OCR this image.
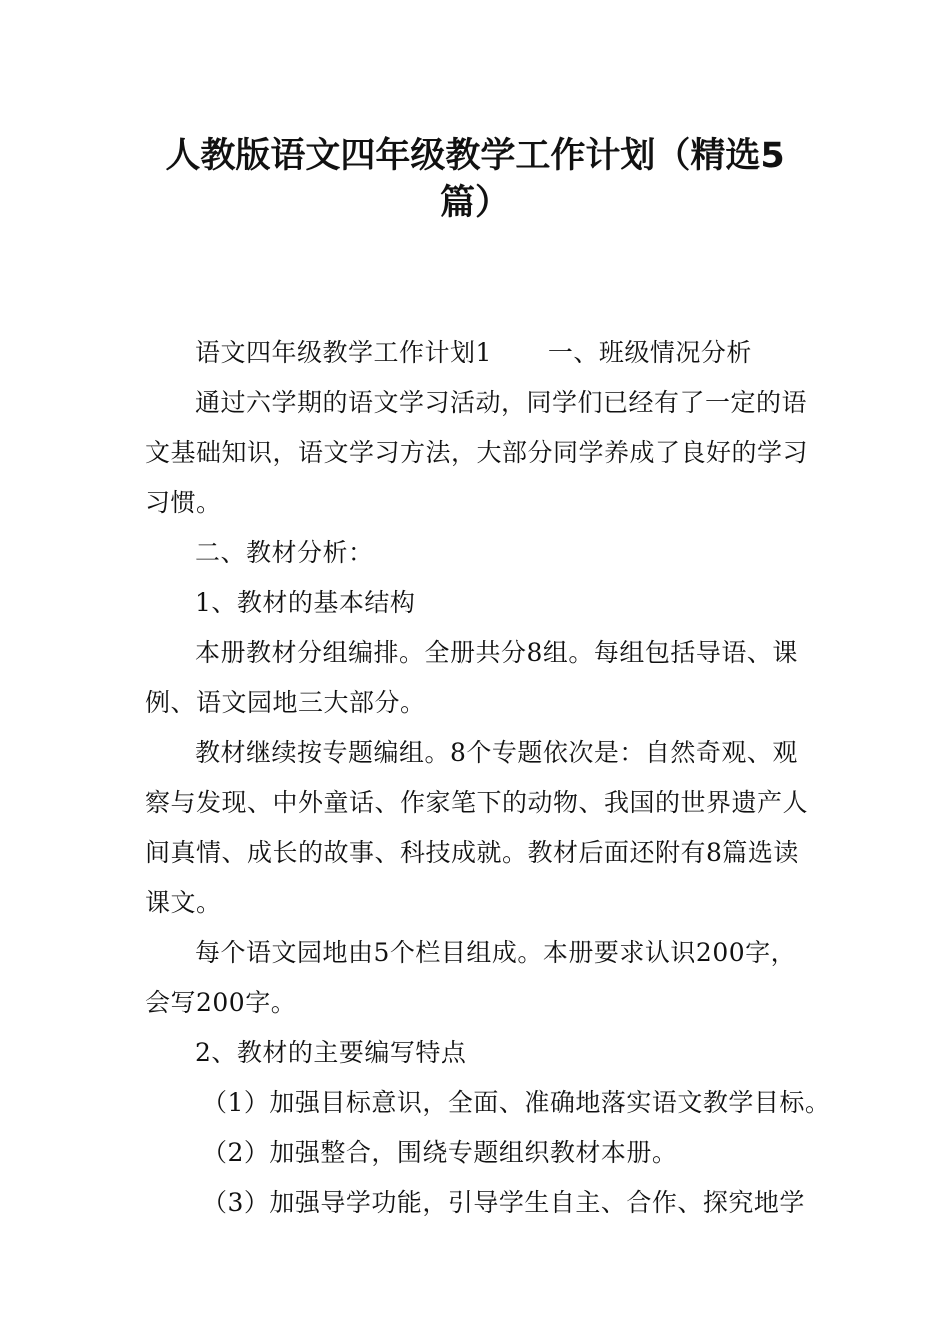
人教版语文四年级教学工作计划（精选5
篇）

语文四年级教学工作计划1 一、班级情况分析

通过六学期的语文学习活动，同学们已经有了一定的语文基础知识，语文学习方法，大部分同学养成了良好的学习习惯。

二、教材分析：

1、教材的基本结构

本册教材分组编排。全册共分8组。每组包括导语、课例、语文园地三大部分。

教材继续按专题编组。8个专题依次是：自然奇观、观察与发现、中外童话、作家笔下的动物、我国的世界遗产人间真情、成长的故事、科技成就。教材后面还附有8篇选读课文。

每个语文园地由5个栏目组成。本册要求认识200字，会写200字。

2、教材的主要编写特点

（1）加强目标意识，全面、准确地落实语文教学目标。

（2）加强整合，围绕专题组织教材本册。

（3）加强导学功能，引导学生自主、合作、探究地学
